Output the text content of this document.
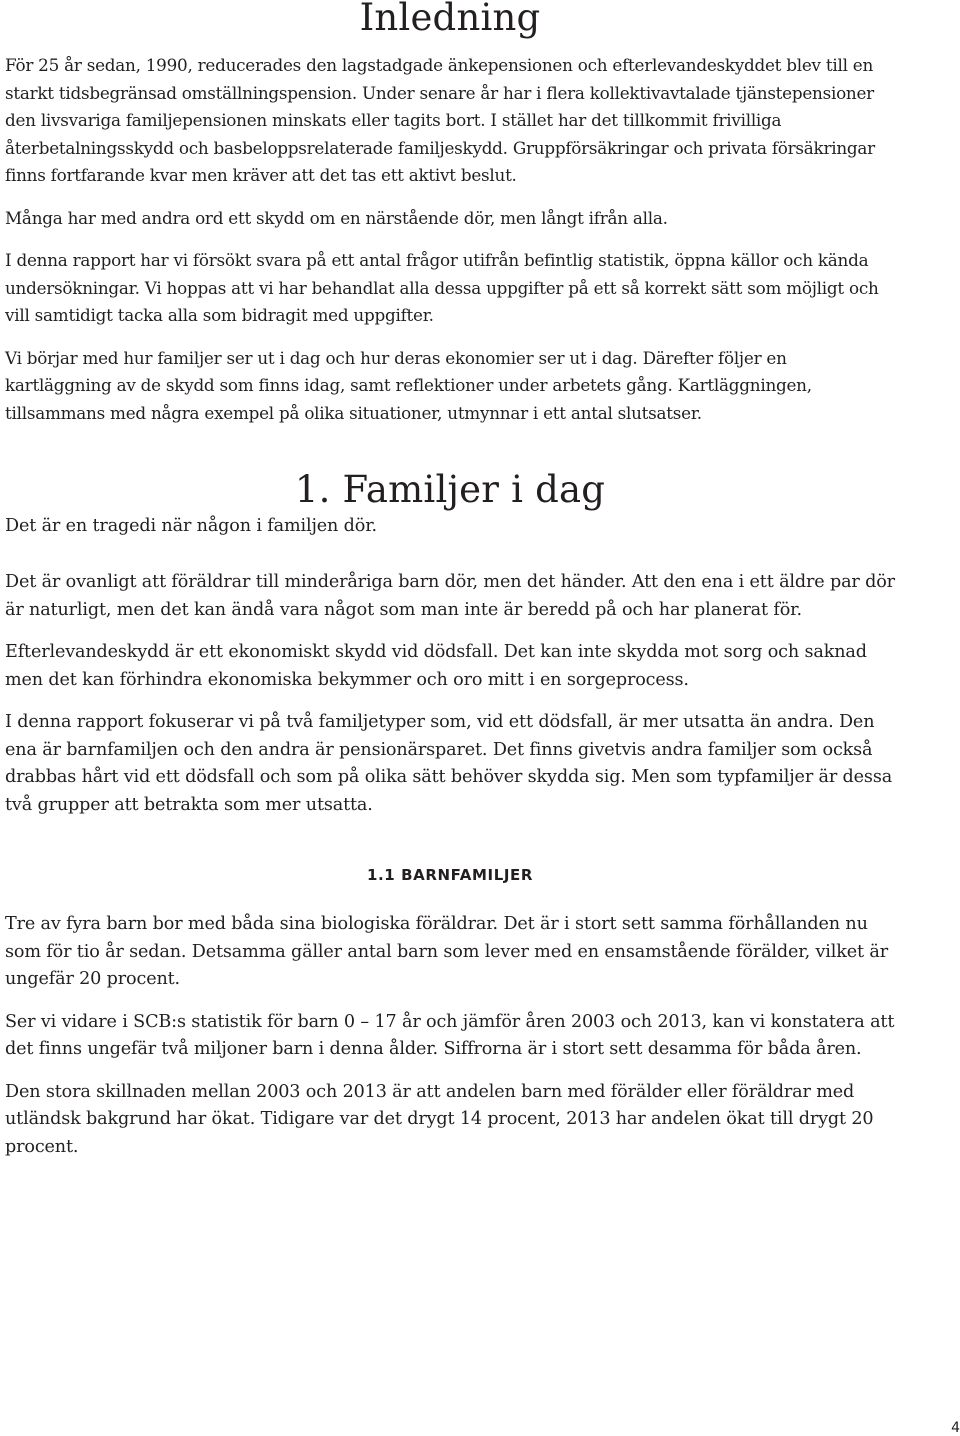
Inledning

För 25 år sedan, 1990, reducerades den lagstadgade änkepensionen och efterlevandeskyddet blev till en starkt tidsbegränsad omställningspension. Under senare år har i flera kollektivavtalade tjänstepensioner den livsvariga familjepensionen minskats eller tagits bort. I stället har det tillkommit frivilliga återbetalningsskydd och basbeloppsrelaterade familjeskydd. Gruppförsäkringar och privata försäkringar finns fortfarande kvar men kräver att det tas ett aktivt beslut.

Många har med andra ord ett skydd om en närstående dör, men långt ifrån alla.

I denna rapport har vi försökt svara på ett antal frågor utifrån befintlig statistik, öppna källor och kända undersökningar. Vi hoppas att vi har behandlat alla dessa uppgifter på ett så korrekt sätt som möjligt och vill samtidigt tacka alla som bidragit med uppgifter.

Vi börjar med hur familjer ser ut i dag och hur deras ekonomier ser ut i dag. Därefter följer en kartläggning av de skydd som finns idag, samt reflektioner under arbetets gång. Kartläggningen, tillsammans med några exempel på olika situationer, utmynnar i ett antal slutsatser.

1. Familjer i dag

Det är en tragedi när någon i familjen dör.

Det är ovanligt att föräldrar till minderåriga barn dör, men det händer. Att den ena i ett äldre par dör är naturligt, men det kan ändå vara något som man inte är beredd på och har planerat för.

Efterlevandeskydd är ett ekonomiskt skydd vid dödsfall. Det kan inte skydda mot sorg och saknad men det kan förhindra ekonomiska bekymmer och oro mitt i en sorgeprocess.

I denna rapport fokuserar vi på två familjetyper som, vid ett dödsfall, är mer utsatta än andra. Den ena är barnfamiljen och den andra är pensionärsparet. Det finns givetvis andra familjer som också drabbas hårt vid ett dödsfall och som på olika sätt behöver skydda sig. Men som typfamiljer är dessa två grupper att betrakta som mer utsatta.

1.1 BARNFAMILJER

Tre av fyra barn bor med båda sina biologiska föräldrar. Det är i stort sett samma förhållanden nu som för tio år sedan. Detsamma gäller antal barn som lever med en ensamstående förälder, vilket är ungefär 20 procent.

Ser vi vidare i SCB:s statistik för barn 0 – 17 år och jämför åren 2003 och 2013, kan vi konstatera att det finns ungefär två miljoner barn i denna ålder. Siffrorna är i stort sett desamma för båda åren.

Den stora skillnaden mellan 2003 och 2013 är att andelen barn med förälder eller föräldrar med utländsk bakgrund har ökat. Tidigare var det drygt 14 procent, 2013 har andelen ökat till drygt 20 procent.

4
